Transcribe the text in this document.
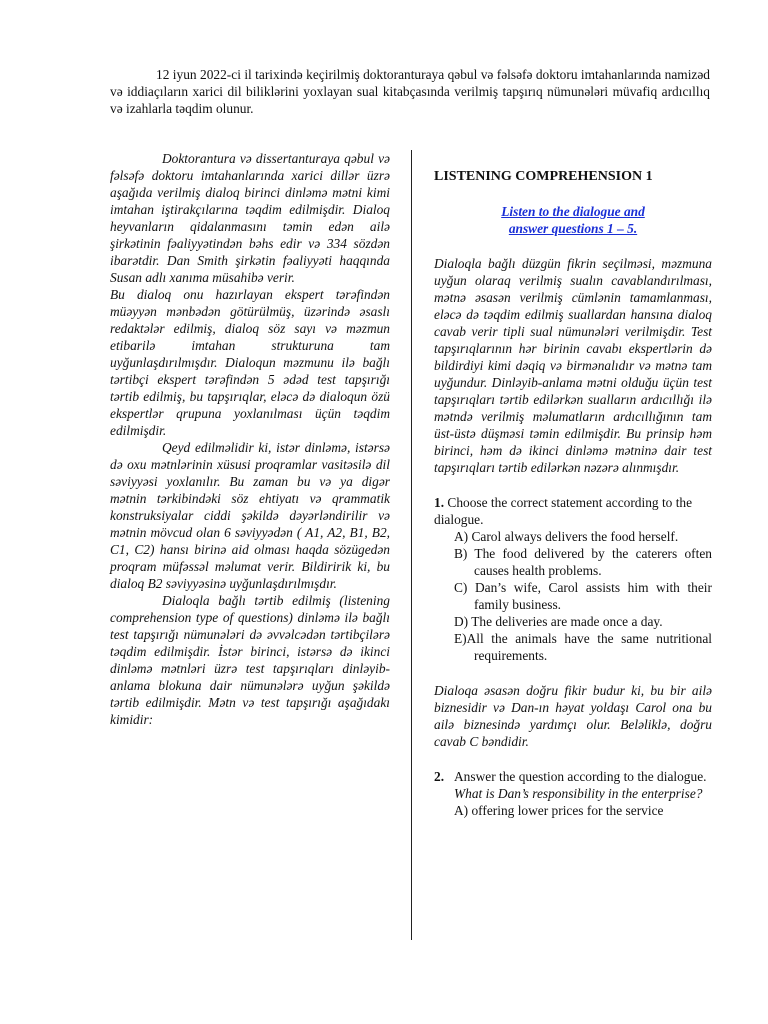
12 iyun 2022-ci il tarixində keçirilmiş doktoranturaya qəbul və fəlsəfə doktoru imtahanlarında namizəd və iddiaçıların xarici dil biliklərini yoxlayan sual kitabçasında verilmiş tapşırıq nümunələri müvafiq ardıcıllıq və izahlarla təqdim olunur.

Doktorantura və dissertanturaya qəbul və fəlsəfə doktoru imtahanlarında xarici dillər üzrə aşağıda verilmiş dialoq birinci dinləmə mətni kimi imtahan iştirakçılarına təqdim edilmişdir. Dialoq heyvanların qidalanmasını təmin edən ailə şirkətinin fəaliyyətindən bəhs edir və 334 sözdən ibarətdir. Dan Smith şirkətin fəaliyyəti haqqında Susan adlı xanıma müsahibə verir.

Bu dialoq onu hazırlayan ekspert tərəfindən müəyyən mənbədən götürülmüş, üzərində əsaslı redaktələr edilmiş, dialoq söz sayı və məzmun etibarilə imtahan strukturuna tam uyğunlaşdırılmışdır. Dialoqun məzmunu ilə bağlı tərtibçi ekspert tərəfindən 5 ədəd test tapşırığı tərtib edilmiş, bu tapşırıqlar, eləcə də dialoqun özü ekspertlər qrupuna yoxlanılması üçün təqdim edilmişdir.

Qeyd edilməlidir ki, istər dinləmə, istərsə də oxu mətnlərinin xüsusi proqramlar vasitəsilə dil səviyyəsi yoxlanılır. Bu zaman bu və ya digər mətnin tərkibindəki söz ehtiyatı və qrammatik konstruksiyalar ciddi şəkildə dəyərləndirilir və mətnin mövcud olan 6 səviyyədən ( A1, A2, B1, B2, C1, C2) hansı birinə aid olması haqda sözügedən proqram müfəssəl məlumat verir. Bildiririk ki, bu dialoq B2 səviyyəsinə uyğunlaşdırılmışdır.

Dialoqla bağlı tərtib edilmiş (listening comprehension type of questions) dinləmə ilə bağlı test tapşırığı nümunələri də əvvəlcədən tərtibçilərə təqdim edilmişdir. İstər birinci, istərsə də ikinci dinləmə mətnləri üzrə test tapşırıqları dinləyib-anlama blokuna dair nümunələrə uyğun şəkildə tərtib edilmişdir. Mətn və test tapşırığı aşağıdakı kimidir:

LISTENING COMPREHENSION 1
Listen to the dialogue and
answer questions 1 – 5.

Dialoqla bağlı düzgün fikrin seçilməsi, məzmuna uyğun olaraq verilmiş sualın cavablandırılması, mətnə əsasən verilmiş cümlənin tamamlanması, eləcə də təqdim edilmiş suallardan hansına dialoq cavab verir tipli sual nümunələri verilmişdir. Test tapşırıqlarının hər birinin cavabı ekspertlərin də bildirdiyi kimi dəqiq və birmənalıdır və mətnə tam uyğundur. Dinləyib-anlama mətni olduğu üçün test tapşırıqları tərtib edilərkən sualların ardıcıllığı ilə mətndə verilmiş məlumatların ardıcıllığının tam üst-üstə düşməsi təmin edilmişdir. Bu prinsip həm birinci, həm də ikinci dinləmə mətninə dair test tapşırıqları tərtib edilərkən nəzərə alınmışdır.

1. Choose the correct statement according to the dialogue.

A) Carol always delivers the food herself.

B) The food delivered by the caterers often causes health problems.

C) Dan’s wife, Carol assists him with their family business.

D) The deliveries are made once a day.

E)All the animals have the same nutritional requirements.

Dialoqa əsasən doğru fikir budur ki, bu bir ailə biznesidir və Dan-ın həyat yoldaşı Carol ona bu ailə biznesində yardımçı olur. Beləliklə, doğru cavab C bəndidir.

2. Answer the question according to the dialogue.
What is Dan’s responsibility in the enterprise?
A) offering lower prices for the service
